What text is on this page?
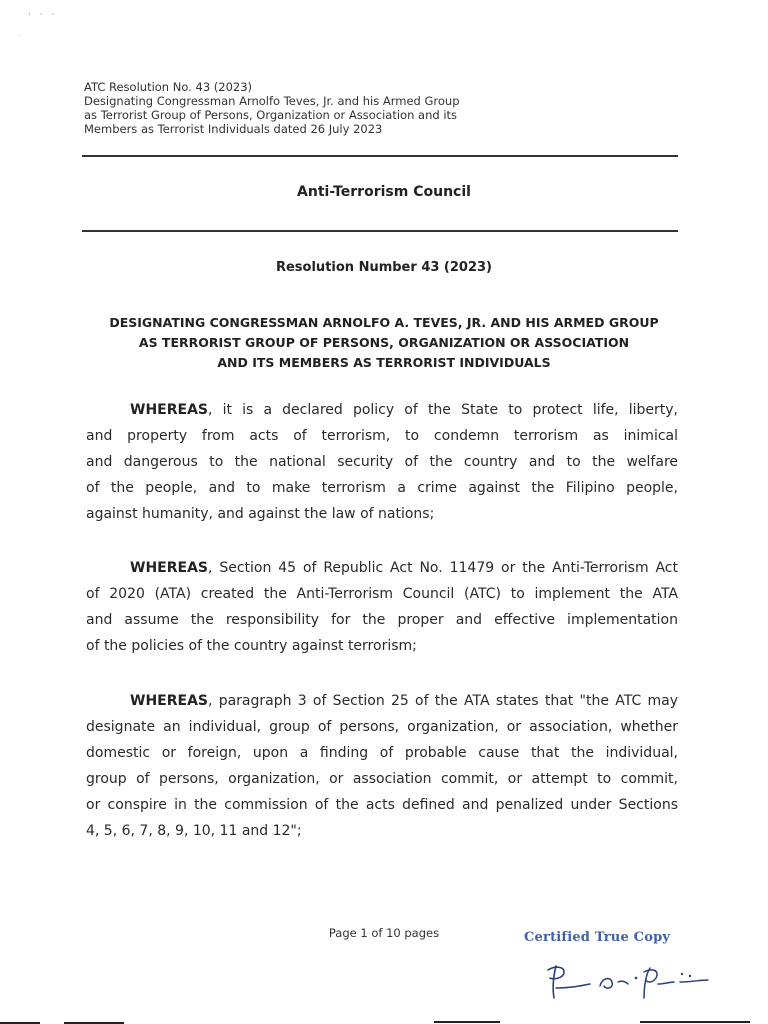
· · ·
·
ATC Resolution No. 43 (2023)
Designating Congressman Arnolfo Teves, Jr. and his Armed Group
as Terrorist Group of Persons, Organization or Association and its
Members as Terrorist Individuals dated 26 July 2023
Anti-Terrorism Council
Resolution Number 43 (2023)
DESIGNATING CONGRESSMAN ARNOLFO A. TEVES, JR. AND HIS ARMED GROUP
AS TERRORIST GROUP OF PERSONS, ORGANIZATION OR ASSOCIATION
AND ITS MEMBERS AS TERRORIST INDIVIDUALS
WHEREAS, it is a declared policy of the State to protect life, liberty,
and property from acts of terrorism, to condemn terrorism as inimical
and dangerous to the national security of the country and to the welfare
of the people, and to make terrorism a crime against the Filipino people,
against humanity, and against the law of nations;
WHEREAS, Section 45 of Republic Act No. 11479 or the Anti-Terrorism Act
of 2020 (ATA) created the Anti-Terrorism Council (ATC) to implement the ATA
and assume the responsibility for the proper and effective implementation
of the policies of the country against terrorism;
WHEREAS, paragraph 3 of Section 25 of the ATA states that "the ATC may
designate an individual, group of persons, organization, or association, whether
domestic or foreign, upon a finding of probable cause that the individual,
group of persons, organization, or association commit, or attempt to commit,
or conspire in the commission of the acts defined and penalized under Sections
4, 5, 6, 7, 8, 9, 10, 11 and 12";
Page 1 of 10 pages	Certified True Copy
